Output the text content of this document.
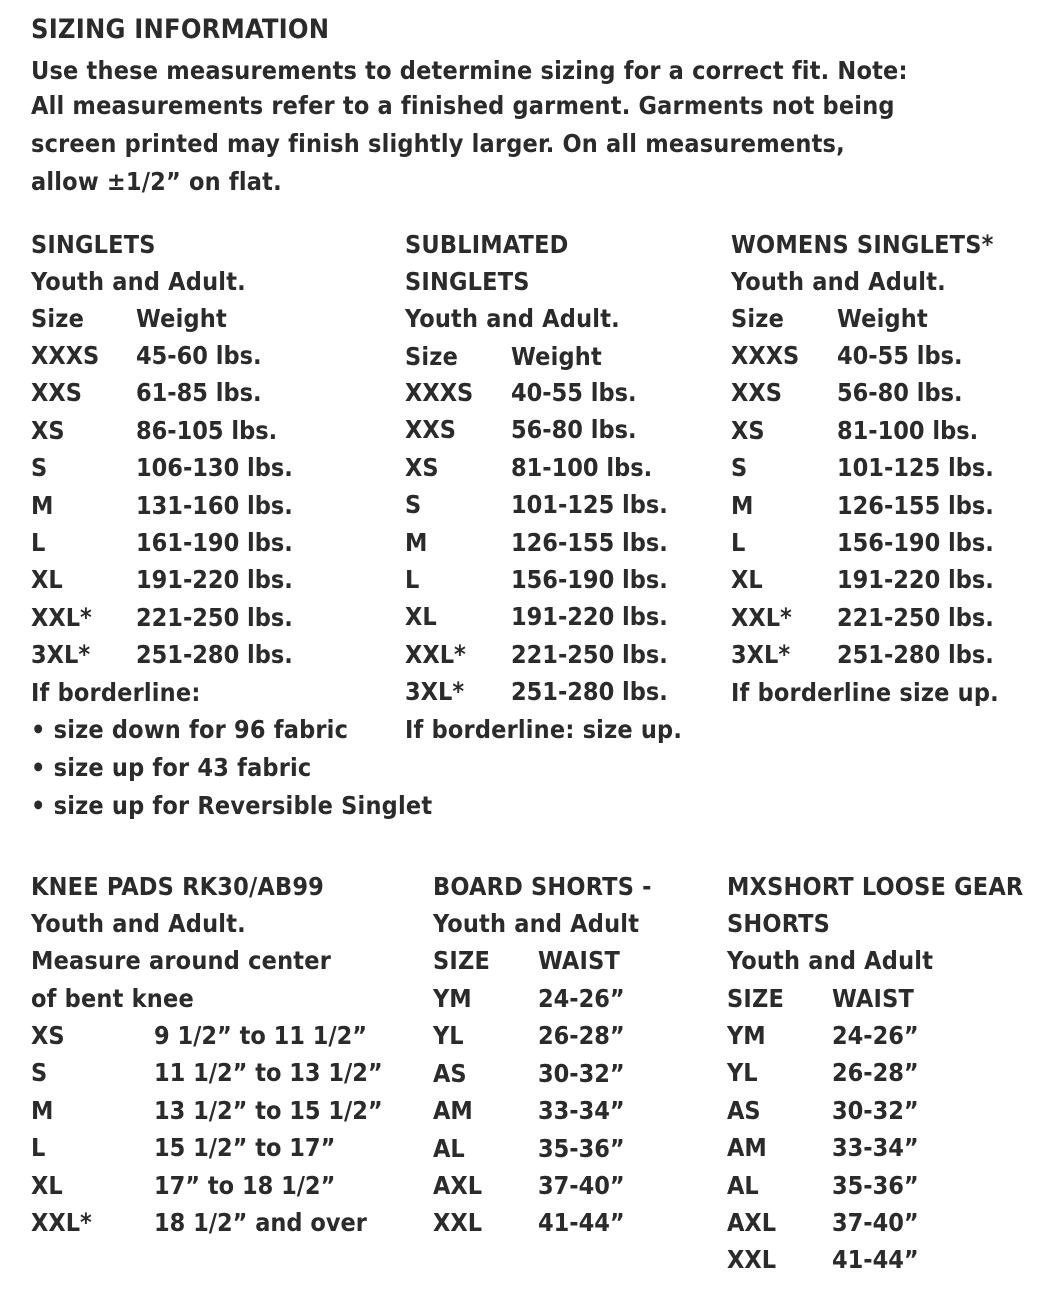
SIZING INFORMATION
Use these measurements to determine sizing for a correct fit. Note:
All measurements refer to a finished garment. Garments not being
screen printed may finish slightly larger. On all measurements,
allow ±1/2” on flat.
SINGLETS
Youth and Adult.
Size Weight
XXXS 45-60 lbs.
XXS 61-85 lbs.
XS	86-105 lbs.
S	106-130 lbs.
M	131-160 lbs.
L	161-190 lbs.
XL	191-220 lbs.
XXL* 221-250 lbs.
3XL* 251-280 lbs.
If borderline:
• size down for 96 fabric
• size up for 43 fabric
• size up for Reversible Singlet
SUBLIMATED
SINGLETS
Youth and Adult.
Size Weight
XXXS 40-55 lbs.
XXS 56-80 lbs.
XS	81-100 lbs.
S	101-125 lbs.
M	126-155 lbs.
L	156-190 lbs.
XL	191-220 lbs.
XXL* 221-250 lbs.
3XL* 251-280 lbs.
If borderline: size up.
WOMENS SINGLETS*
Youth and Adult.
Size Weight
XXXS 40-55 lbs.
XXS 56-80 lbs.
XS	81-100 lbs.
S	101-125 lbs.
M	126-155 lbs.
L	156-190 lbs.
XL	191-220 lbs.
XXL* 221-250 lbs.
3XL* 251-280 lbs.
If borderline size up.
KNEE PADS RK30/AB99
Youth and Adult.
Measure around center
of bent knee
XS	9 1/2” to 11 1/2”
S	11 1/2” to 13 1/2”
M	13 1/2” to 15 1/2”
L	15 1/2” to 17”
XL	17” to 18 1/2”
XXL* 18 1/2” and over
BOARD SHORTS -
Youth and Adult
SIZE WAIST
YM	24-26”
YL	26-28”
AS	30-32”
AM	33-34”
AL	35-36”
AXL 37-40”
XXL 41-44”
MXSHORT LOOSE GEAR
SHORTS
Youth and Adult
SIZE WAIST
YM	24-26”
YL	26-28”
AS	30-32”
AM	33-34”
AL	35-36”
AXL 37-40”
XXL 41-44”
